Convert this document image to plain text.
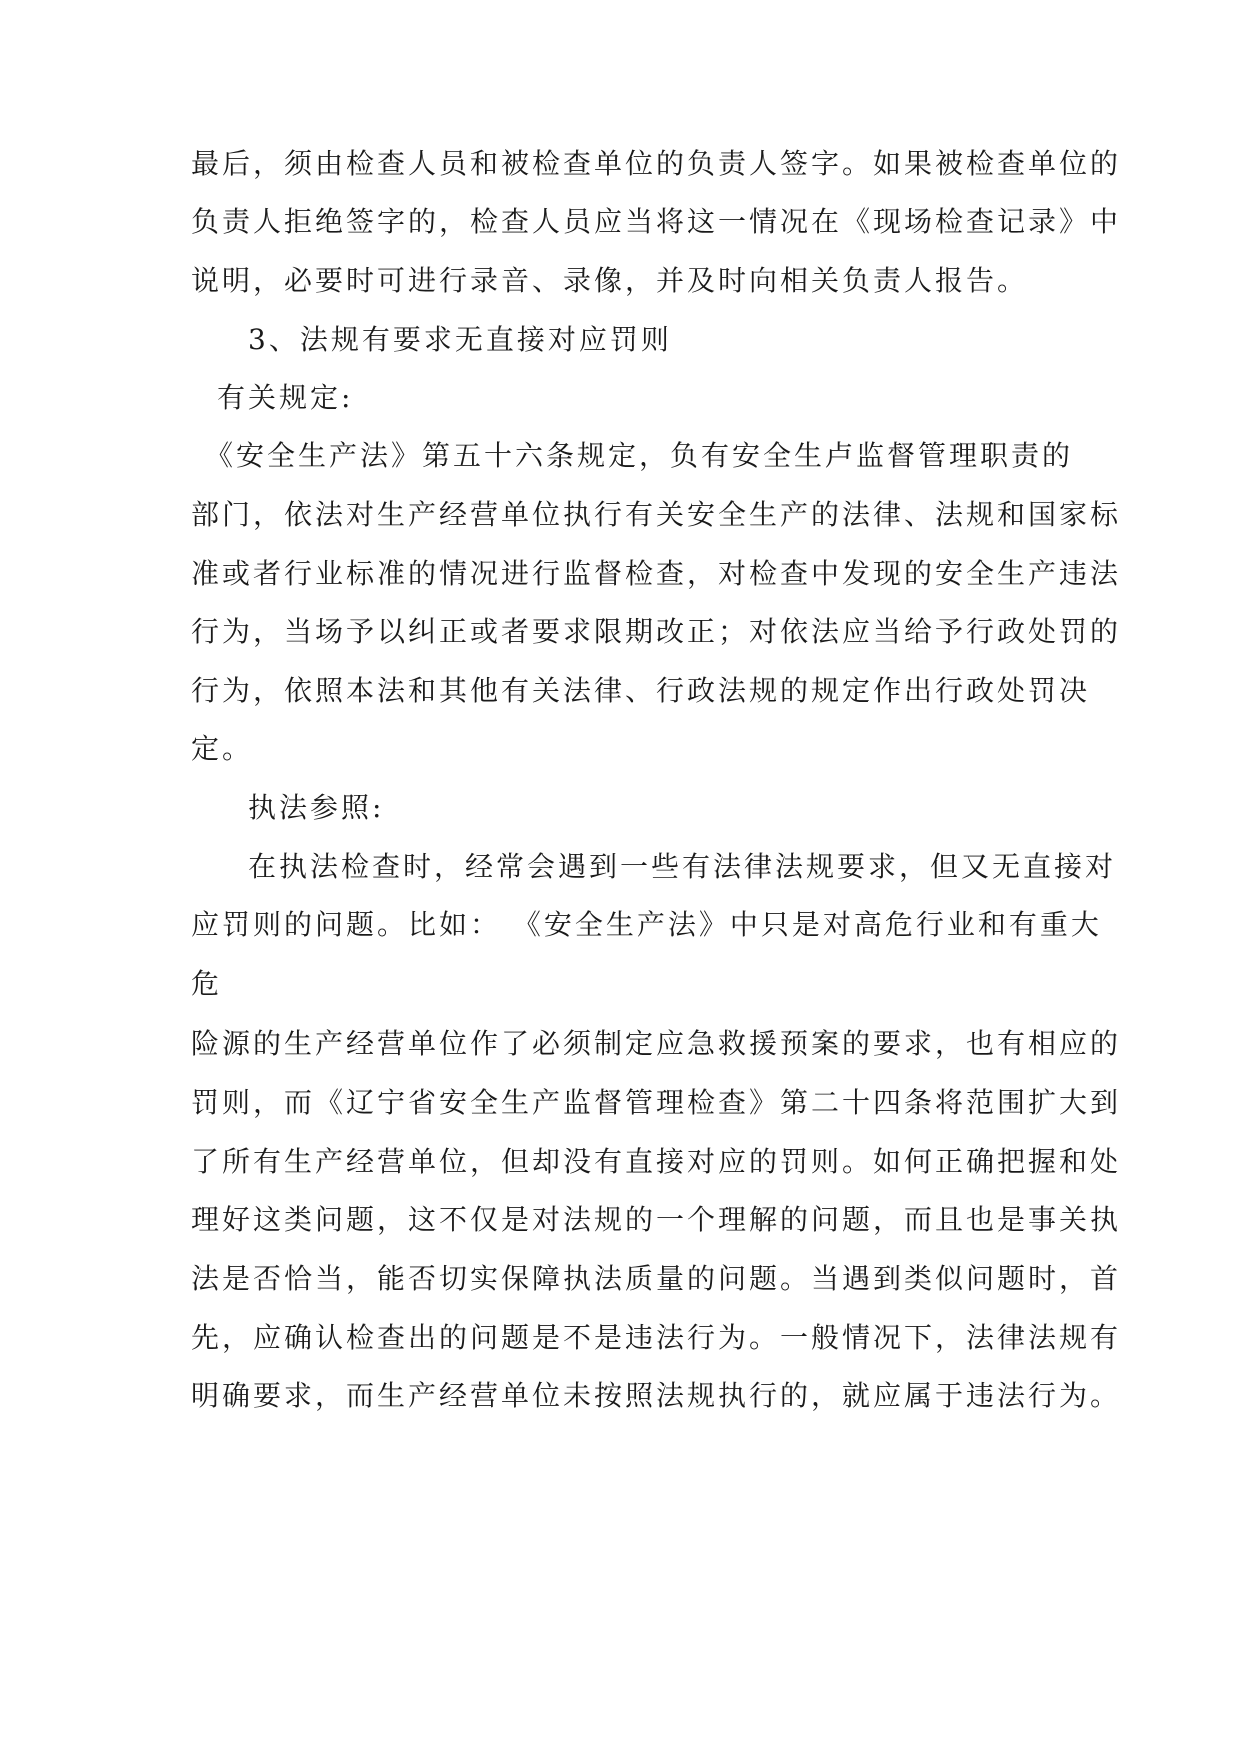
最后，须由检查人员和被检查单位的负责人签字。如果被检查单位的
负责人拒绝签字的，检查人员应当将这一情况在《现场检查记录》中
说明，必要时可进行录音、录像，并及时向相关负责人报告。
3、法规有要求无直接对应罚则
有关规定:
《安全生产法》第五十六条规定，负有安全生卢监督管理职责的
部门，依法对生产经营单位执行有关安全生产的法律、法规和国家标
准或者行业标准的情况进行监督检查，对检查中发现的安全生产违法
行为，当场予以纠正或者要求限期改正；对依法应当给予行政处罚的
行为，依照本法和其他有关法律、行政法规的规定作出行政处罚决
定。
执法参照:
在执法检查时，经常会遇到一些有法律法规要求，但又无直接对
应罚则的问题。比如： 《安全生产法》中只是对高危行业和有重大
危
险源的生产经营单位作了必须制定应急救援预案的要求，也有相应的
罚则，而《辽宁省安全生产监督管理检查》第二十四条将范围扩大到
了所有生产经营单位，但却没有直接对应的罚则。如何正确把握和处
理好这类问题，这不仅是对法规的一个理解的问题，而且也是事关执
法是否恰当，能否切实保障执法质量的问题。当遇到类似问题时，首
先，应确认检查出的问题是不是违法行为。一般情况下，法律法规有
明确要求，而生产经营单位未按照法规执行的，就应属于违法行为。
